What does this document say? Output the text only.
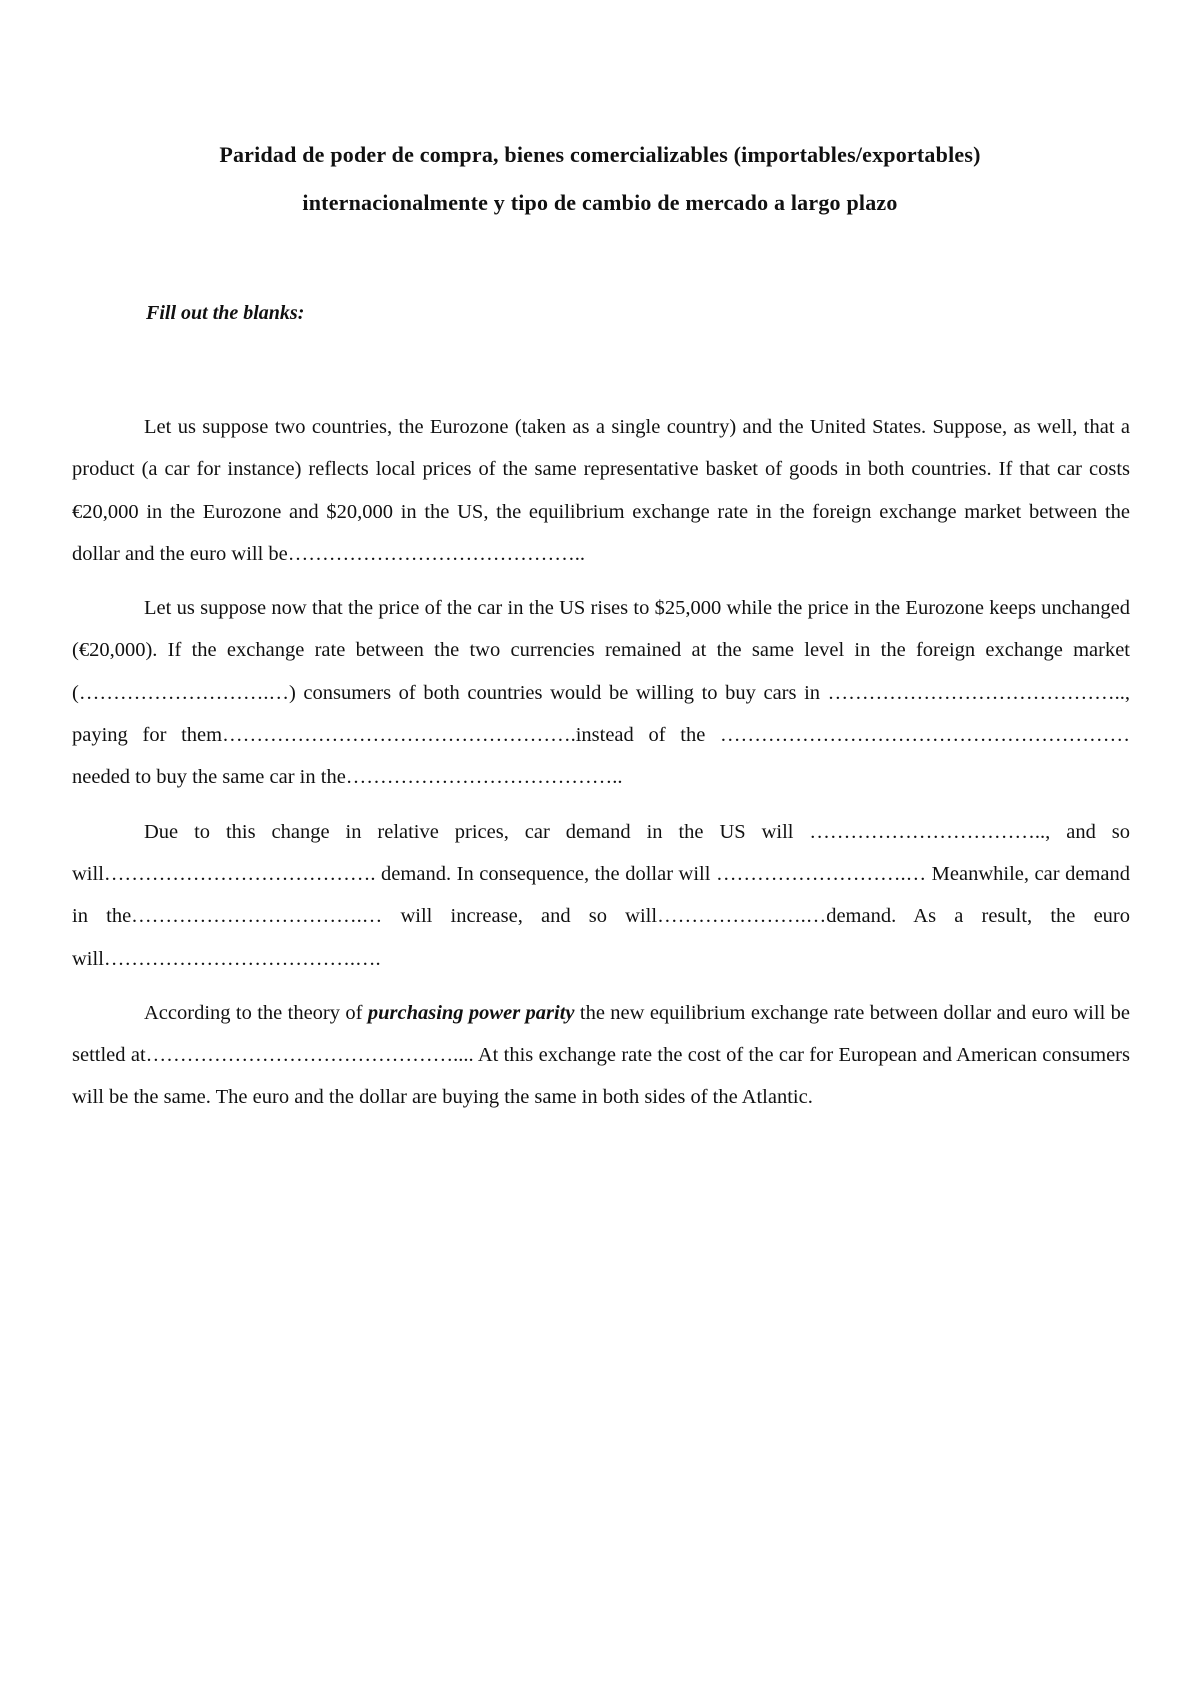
Paridad de poder de compra, bienes comercializables (importables/exportables)
internacionalmente y tipo de cambio de mercado a largo plazo

Fill out the blanks:

Let us suppose two countries, the Eurozone (taken as a single country) and the United States. Suppose, as well, that a product (a car for instance) reflects local prices of the same representative basket of goods in both countries. If that car costs €20,000 in the Eurozone and $20,000 in the US, the equilibrium exchange rate in the foreign exchange market between the dollar and the euro will be……………………………………..

Let us suppose now that the price of the car in the US rises to $25,000 while the price in the Eurozone keeps unchanged (€20,000). If the exchange rate between the two currencies remained at the same level in the foreign exchange market (……………………….…) consumers of both countries would be willing to buy cars in …………………………………….., paying for them…………………………………………….instead of the …………………………………………………… needed to buy the same car in the…………………………………..

Due to this change in relative prices, car demand in the US will …………………………….., and so will…………………………………. demand. In consequence, the dollar will ……………………….… Meanwhile, car demand in the…………………………….… will increase, and so will………………….…demand. As a result, the euro will……………………………….….

According to the theory of purchasing power parity the new equilibrium exchange rate between dollar and euro will be settled at……………………………………….... At this exchange rate the cost of the car for European and American consumers will be the same. The euro and the dollar are buying the same in both sides of the Atlantic.
